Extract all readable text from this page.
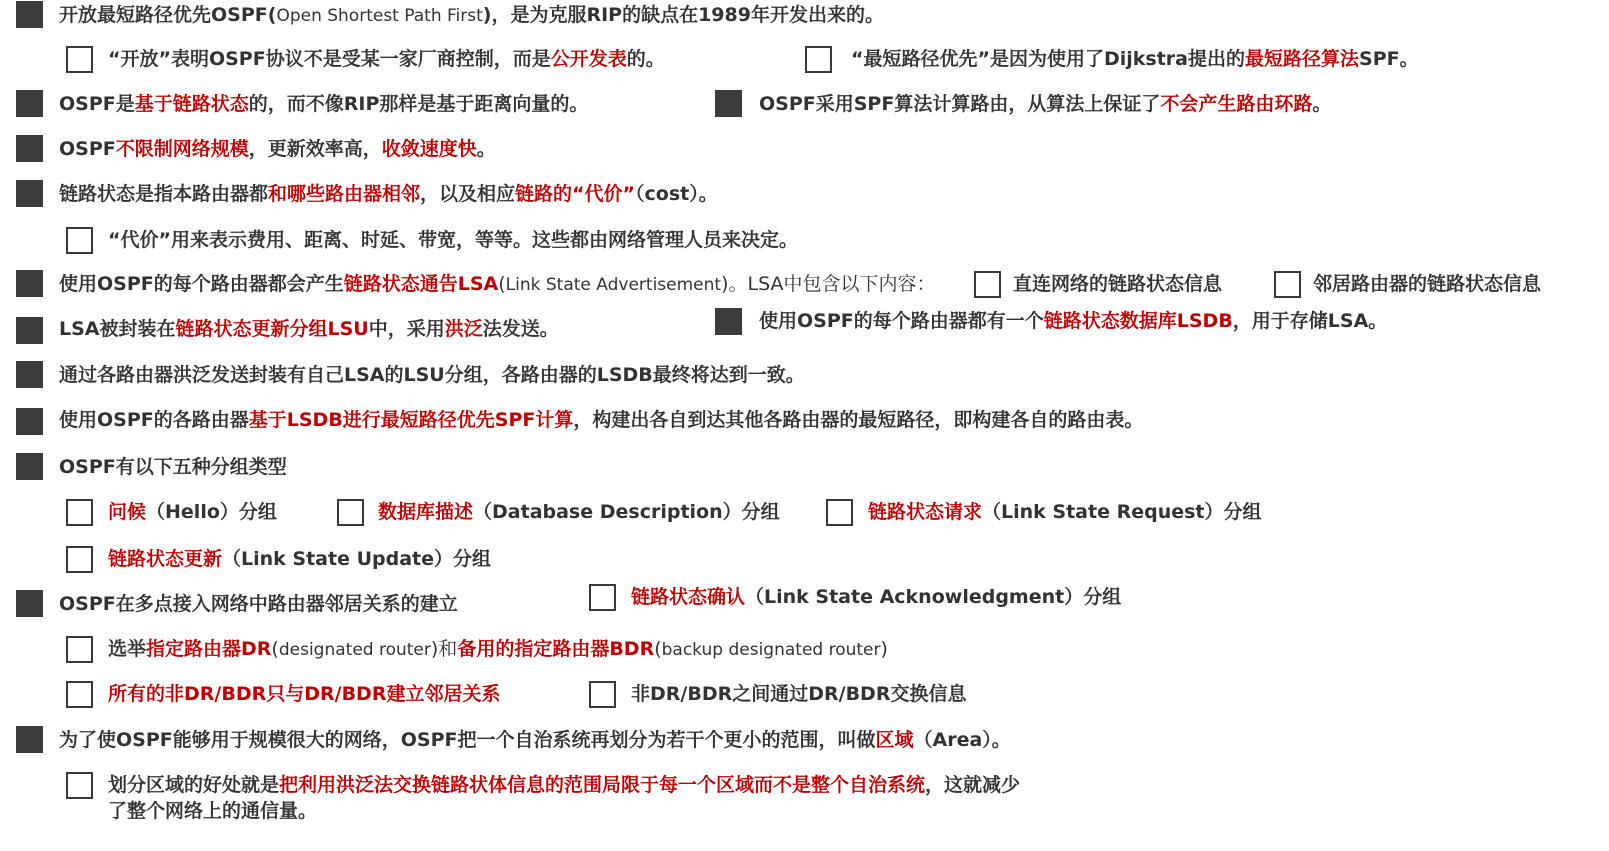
开放最短路径优先OSPF(Open Shortest Path First)，是为克服RIP的缺点在1989年开发出来的。
“开放”表明OSPF协议不是受某一家厂商控制，而是公开发表的。	“最短路径优先”是因为使用了Dijkstra提出的最短路径算法SPF。
OSPF是基于链路状态的，而不像RIP那样是基于距离向量的。	OSPF采用SPF算法计算路由，从算法上保证了不会产生路由环路。
OSPF不限制网络规模，更新效率高，收敛速度快。
链路状态是指本路由器都和哪些路由器相邻，以及相应链路的“代价”（cost）。
“代价”用来表示费用、距离、时延、带宽，等等。这些都由网络管理人员来决定。
使用OSPF的每个路由器都会产生链路状态通告LSA(Link State Advertisement)。LSA中包含以下内容：	直连网络的链路状态信息	邻居路由器的链路状态信息
LSA被封装在链路状态更新分组LSU中，采用洪泛法发送。	使用OSPF的每个路由器都有一个链路状态数据库LSDB，用于存储LSA。
通过各路由器洪泛发送封装有自己LSA的LSU分组，各路由器的LSDB最终将达到一致。
使用OSPF的各路由器基于LSDB进行最短路径优先SPF计算，构建出各自到达其他各路由器的最短路径，即构建各自的路由表。
OSPF有以下五种分组类型
问候（Hello）分组	数据库描述（Database Description）分组	链路状态请求（Link State Request）分组
链路状态更新（Link State Update）分组
OSPF在多点接入网络中路由器邻居关系的建立	链路状态确认（Link State Acknowledgment）分组
选举指定路由器DR(designated router)和备用的指定路由器BDR(backup designated router)
所有的非DR/BDR只与DR/BDR建立邻居关系	非DR/BDR之间通过DR/BDR交换信息
为了使OSPF能够用于规模很大的网络，OSPF把一个自治系统再划分为若干个更小的范围，叫做区域（Area）。
划分区域的好处就是把利用洪泛法交换链路状体信息的范围局限于每一个区域而不是整个自治系统，这就减少
了整个网络上的通信量。
